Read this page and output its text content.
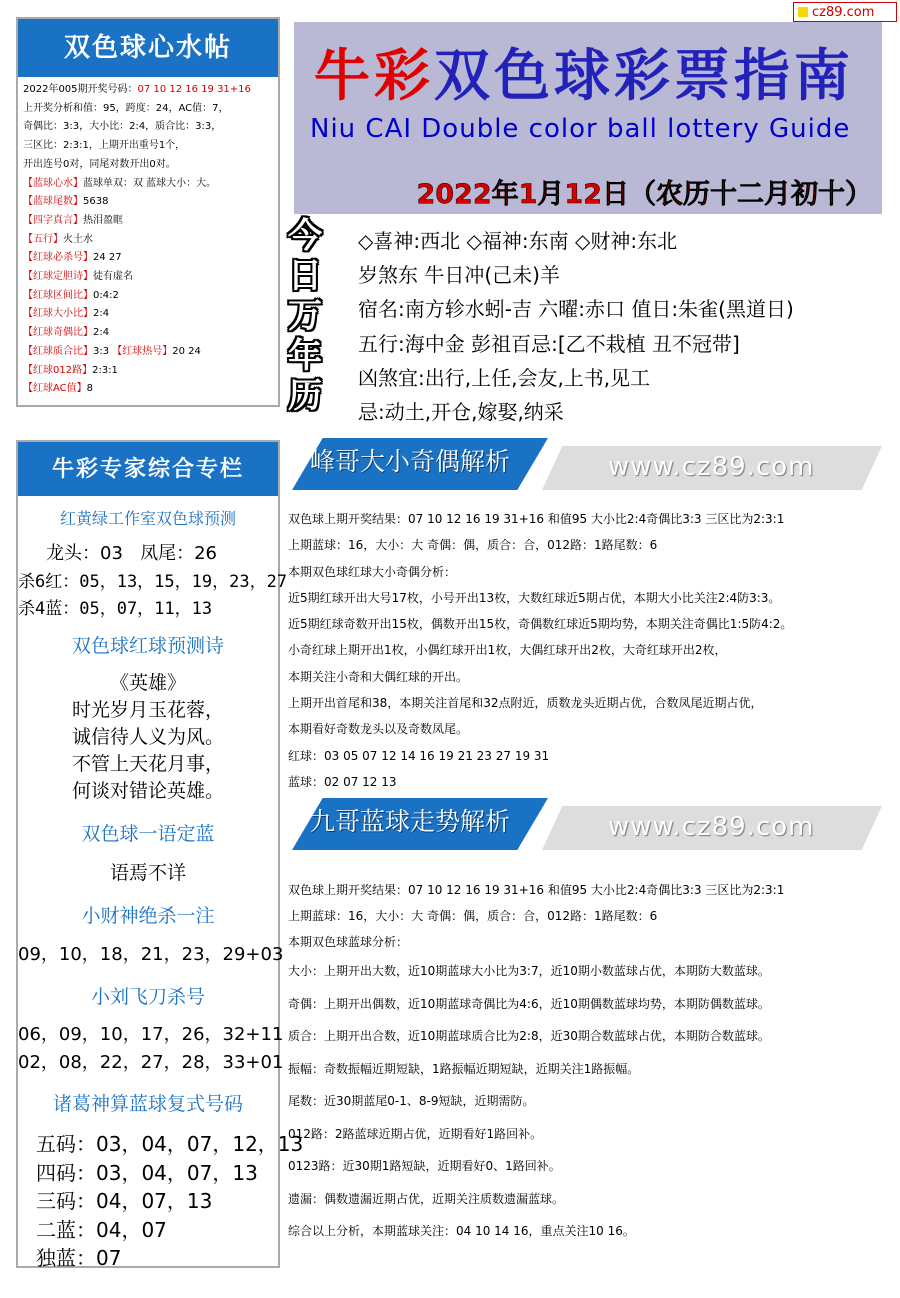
cz89.com
双色球心水帖
2022年005期开奖号码：07 10 12 16 19 31+16
上开奖分析和值：95，跨度：24，AC值：7，
奇偶比：3:3，大小比：2:4，质合比：3:3，
三区比：2:3:1，上期开出重号1个，
开出连号0对，同尾对数开出0对。
【蓝球心水】蓝球单双：双 蓝球大小：大。
【蓝球尾数】5638
【四字真言】热泪盈眶
【五行】火土水
【红球必杀号】24 27
【红球定胆诗】徒有虚名
【红球区间比】0:4:2
【红球大小比】2:4
【红球奇偶比】2:4
【红球质合比】3:3 【红球热号】20 24
【红球012路】2:3:1
【红球AC值】8
牛彩专家综合专栏
红黄绿工作室双色球预测
龙头：03 凤尾：26
杀6红：05，13，15，19，23，27
杀4蓝：05，07，11，13
双色球红球预测诗
《英雄》
时光岁月玉花蓉，
诚信待人义为风。
不管上天花月事，
何谈对错论英雄。
双色球一语定蓝
语焉不详
小财神绝杀一注
09，10，18，21，23，29+03
小刘飞刀杀号
06，09，10，17，26，32+11
02，08，22，27，28，33+01
诸葛神算蓝球复式号码
五码：03，04，07，12，13
四码：03，04，07，13
三码：04，07，13
二蓝：04，07
独蓝：07
牛彩双色球彩票指南
Niu CAI Double color ball lottery Guide
2022年1月12日（农历十二月初十）
今
日
万
年
历
◇喜神:西北 ◇福神:东南 ◇财神:东北
岁煞东 牛日冲(己未)羊
宿名:南方轸水蚓-吉 六曜:赤口 值日:朱雀(黑道日)
五行:海中金 彭祖百忌:[乙不栽植 丑不冠带]
凶煞宜:出行,上任,会友,上书,见工
忌:动土,开仓,嫁娶,纳采
峰哥大小奇偶解析	www.cz89.com
双色球上期开奖结果：07 10 12 16 19 31+16 和值95 大小比2:4奇偶比3:3 三区比为2:3:1
上期蓝球：16，大小：大 奇偶：偶，质合：合，012路：1路尾数：6
本期双色球红球大小奇偶分析：
近5期红球开出大号17枚，小号开出13枚，大数红球近5期占优，本期大小比关注2:4防3:3。
近5期红球奇数开出15枚，偶数开出15枚，奇偶数红球近5期均势，本期关注奇偶比1:5防4:2。
小奇红球上期开出1枚，小偶红球开出1枚，大偶红球开出2枚，大奇红球开出2枚，
本期关注小奇和大偶红球的开出。
上期开出首尾和38，本期关注首尾和32点附近，质数龙头近期占优，合数凤尾近期占优，
本期看好奇数龙头以及奇数凤尾。
红球：03 05 07 12 14 16 19 21 23 27 19 31
蓝球：02 07 12 13
九哥蓝球走势解析	www.cz89.com
双色球上期开奖结果：07 10 12 16 19 31+16 和值95 大小比2:4奇偶比3:3 三区比为2:3:1
上期蓝球：16，大小：大 奇偶：偶，质合：合，012路：1路尾数：6
本期双色球蓝球分析：
大小：上期开出大数，近10期蓝球大小比为3:7，近10期小数蓝球占优，本期防大数蓝球。
奇偶：上期开出偶数，近10期蓝球奇偶比为4:6，近10期偶数蓝球均势，本期防偶数蓝球。
质合：上期开出合数，近10期蓝球质合比为2:8，近30期合数蓝球占优，本期防合数蓝球。
振幅：奇数振幅近期短缺，1路振幅近期短缺，近期关注1路振幅。
尾数：近30期蓝尾0-1、8-9短缺，近期需防。
012路：2路蓝球近期占优，近期看好1路回补。
0123路：近30期1路短缺，近期看好0、1路回补。
遗漏：偶数遗漏近期占优，近期关注质数遗漏蓝球。
综合以上分析，本期蓝球关注：04 10 14 16，重点关注10 16。
